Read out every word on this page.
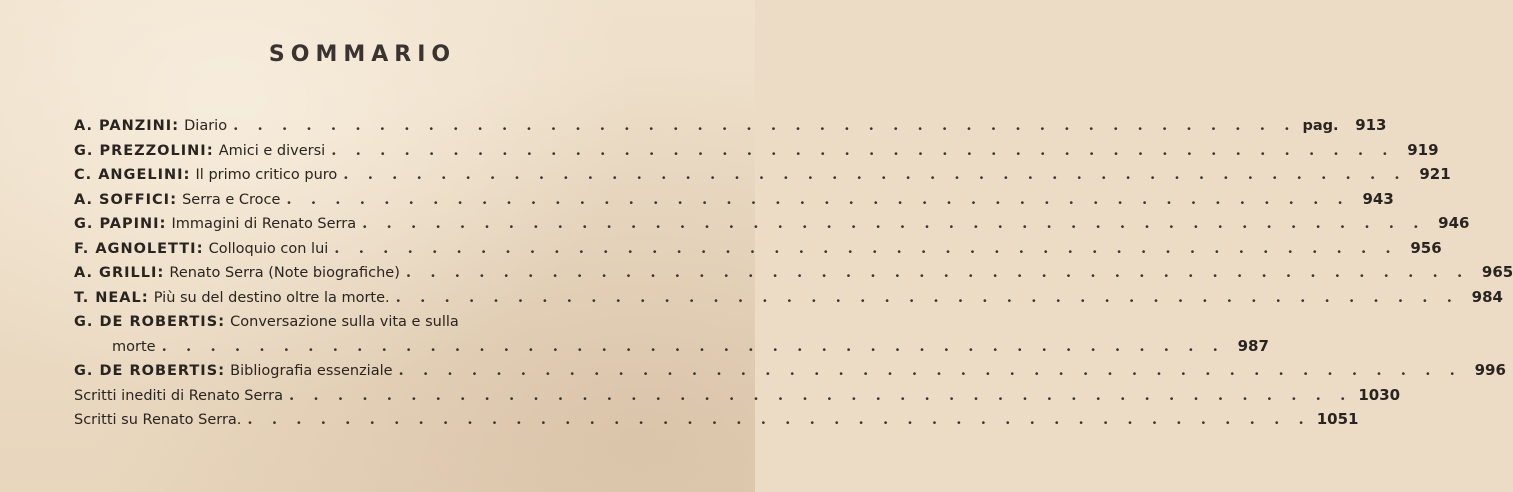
SOMMARIO
A. PANZINI : Diario . . . . . . . . . . . . . . . . . . . . . . . . . . . . . . . . . . . . . . . . . . . . pag.	913
G. PREZZOLINI : Amici e diversi . . . . . . . . . . . . . . . . . . . . . . . . . . . . . . . . . . . . . . . . . . . . 919
C. ANGELINI : Il primo critico puro . . . . . . . . . . . . . . . . . . . . . . . . . . . . . . . . . . . . . . . . . . . . 921
A. SOFFICI : Serra e Croce . . . . . . . . . . . . . . . . . . . . . . . . . . . . . . . . . . . . . . . . . . . . 943
G. PAPINI : Immagini di Renato Serra . . . . . . . . . . . . . . . . . . . . . . . . . . . . . . . . . . . . . . . . . . . . 946
F. AGNOLETTI : Colloquio con lui . . . . . . . . . . . . . . . . . . . . . . . . . . . . . . . . . . . . . . . . . . . . 956
A. GRILLI : Renato Serra (Note biografiche) . . . . . . . . . . . . . . . . . . . . . . . . . . . . . . . . . . . . . . . . . . . . 965
T. NEAL : Più su del destino oltre la morte. . . . . . . . . . . . . . . . . . . . . . . . . . . . . . . . . . . . . . . . . . . . . 984
G. DE ROBERTIS : Conversazione sulla vita e sulla
morte . . . . . . . . . . . . . . . . . . . . . . . . . . . . . . . . . . . . . . . . . . . . 987
G. DE ROBERTIS : Bibliografia essenziale . . . . . . . . . . . . . . . . . . . . . . . . . . . . . . . . . . . . . . . . . . . . 996
Scritti inediti di Renato Serra . . . . . . . . . . . . . . . . . . . . . . . . . . . . . . . . . . . . . . . . . . . . 1030
Scritti su Renato Serra. . . . . . . . . . . . . . . . . . . . . . . . . . . . . . . . . . . . . . . . . . . . . 1051
